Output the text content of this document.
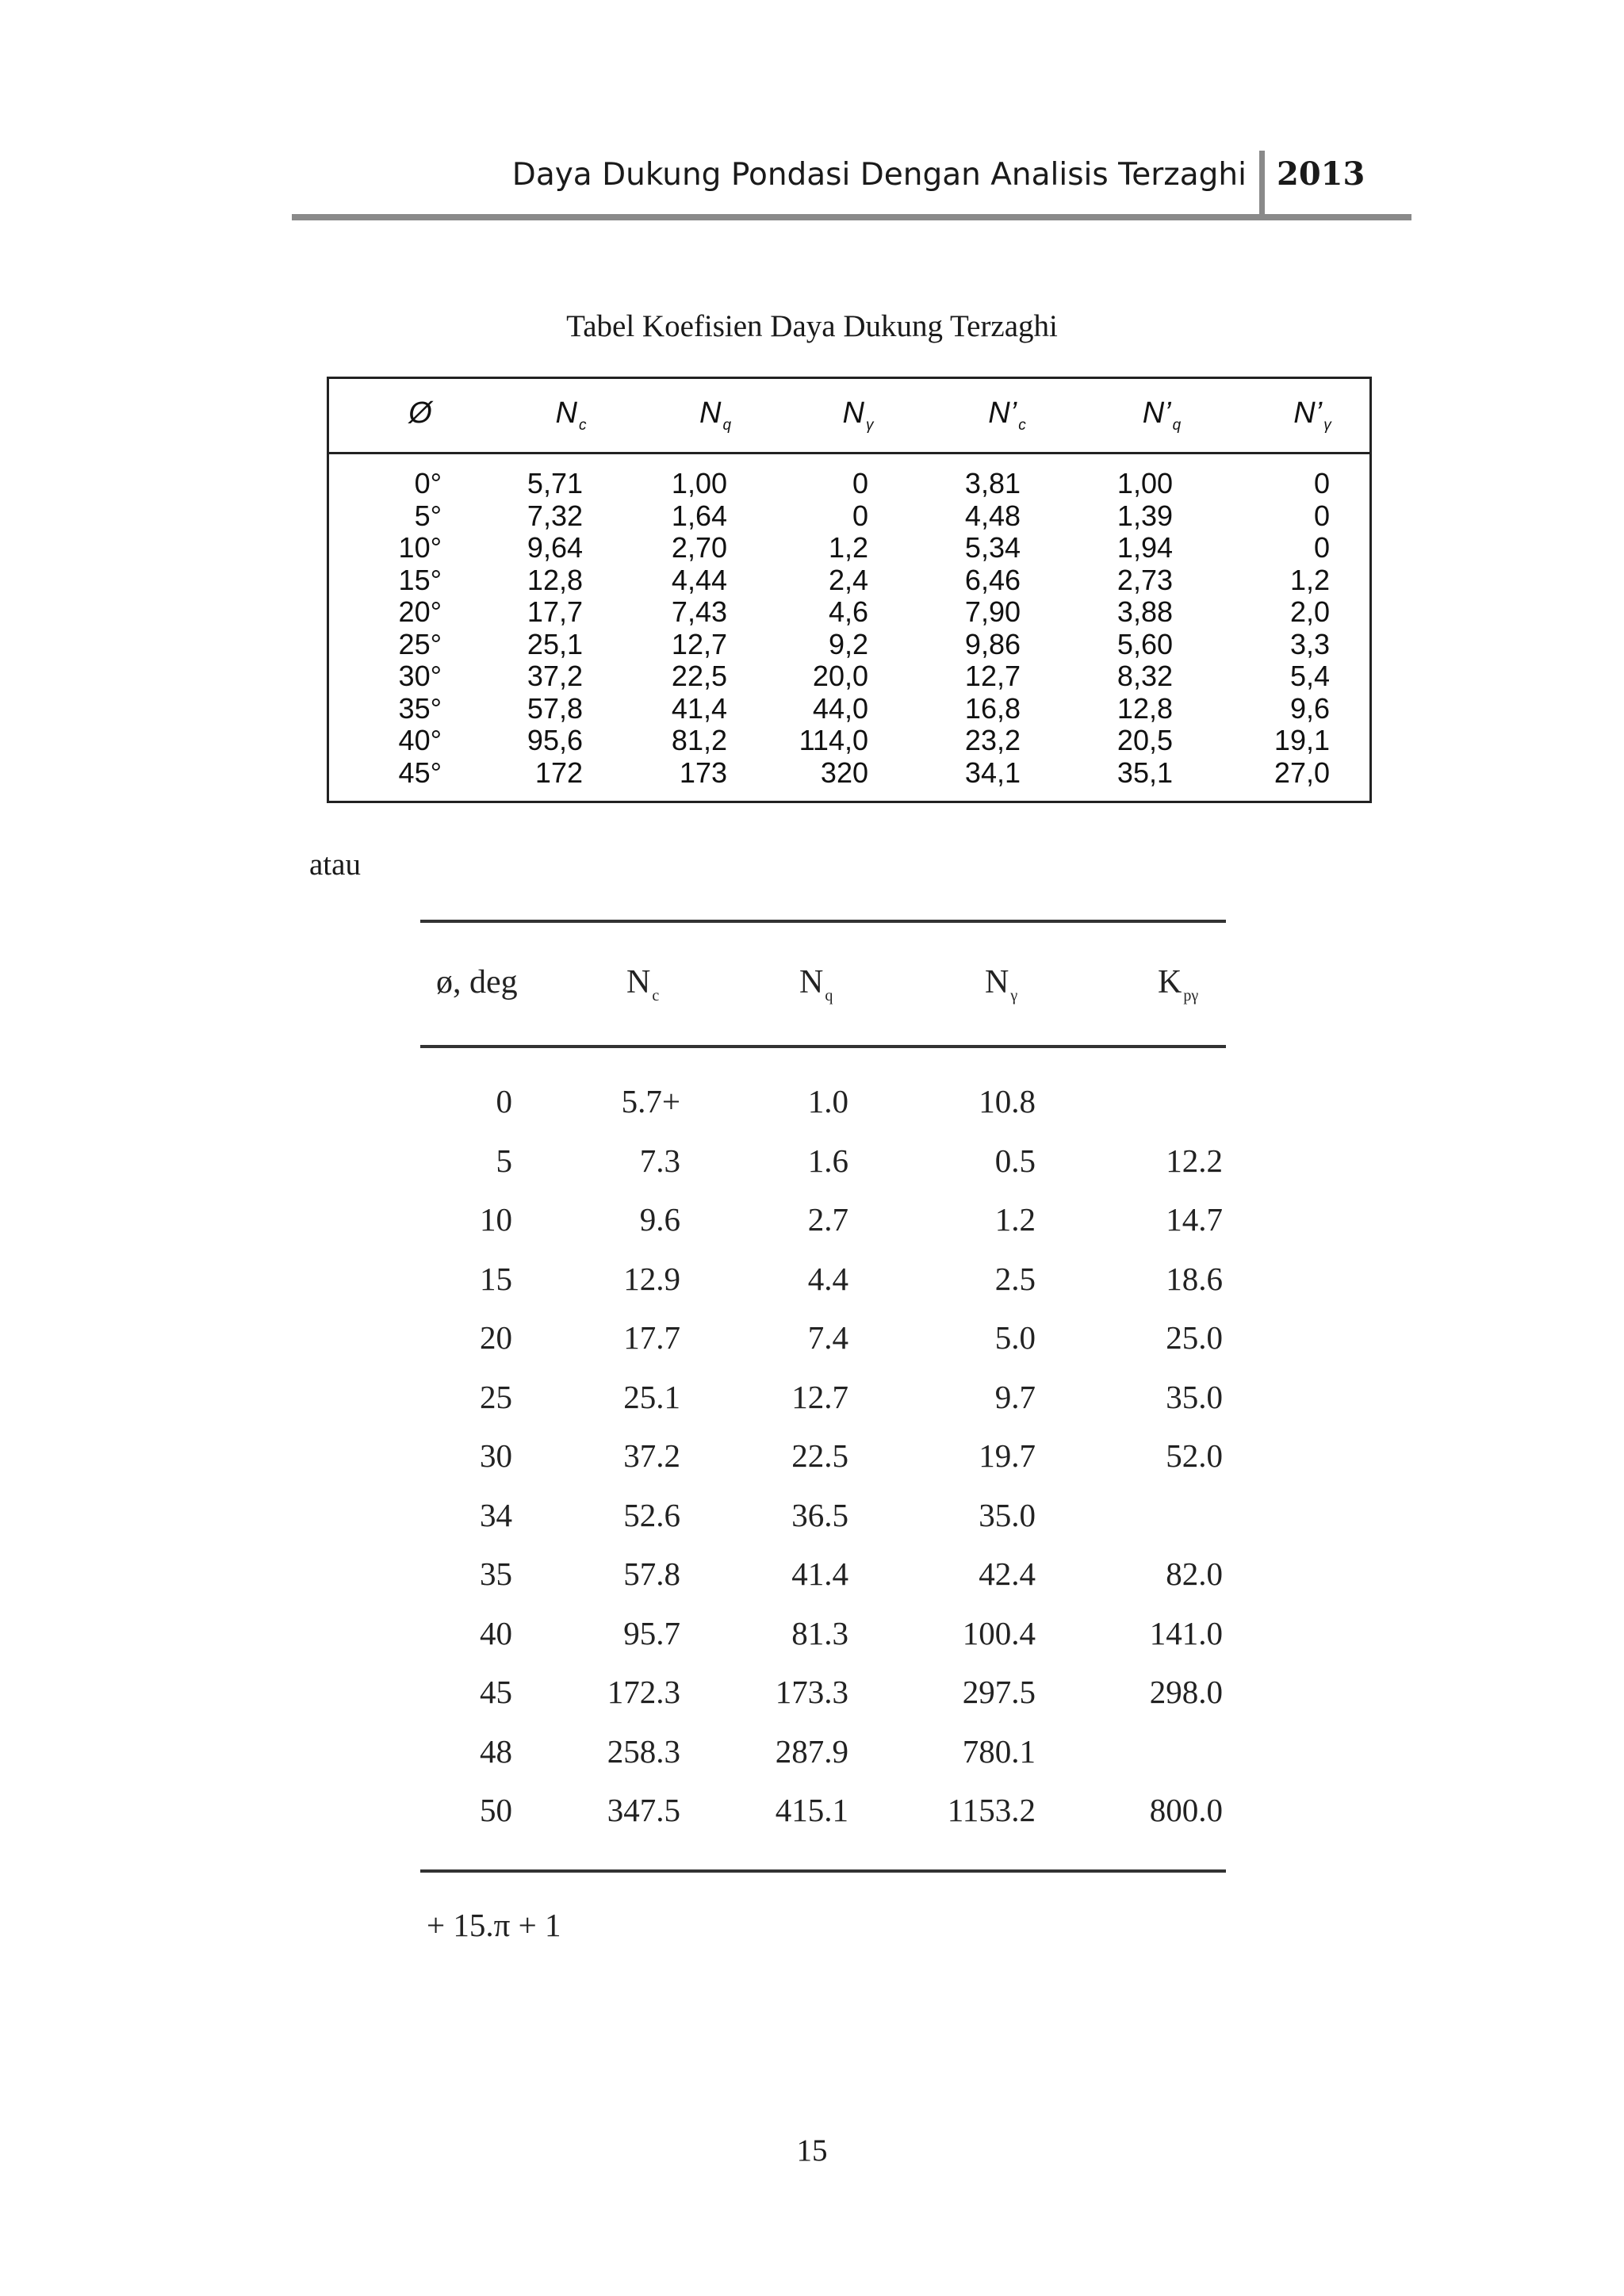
Daya Dukung Pondasi Dengan Analisis Terzaghi 2013
Tabel Koefisien Daya Dukung Terzaghi
Ø	N $_c$	N $_q$	N $_\gamma$	N’ $_c$	N’ $_q$	N’ $_\gamma$
0°	5,71	1,00	0	3,81	1,00	0
5°	7,32	1,64	0	4,48	1,39	0
10°	9,64	2,70	1,2	5,34	1,94	0
15°	12,8	4,44	2,4	6,46	2,73	1,2
20°	17,7	7,43	4,6	7,90	3,88	2,0
25°	25,1	12,7	9,2	9,86	5,60	3,3
30°	37,2	22,5	20,0	12,7	8,32	5,4
35°	57,8	41,4	44,0	16,8	12,8	9,6
40°	95,6	81,2	114,0	23,2	20,5	19,1
45°	172	173	320	34,1	35,1	27,0
atau
ø, deg	N $_c$	N $_q$	N $_\gamma$	K $_{p\gamma}$
0	5.7+	1.0	10.8
5	7.3	1.6	0.5	12.2
10	9.6	2.7	1.2	14.7
15	12.9	4.4	2.5	18.6
20	17.7	7.4	5.0	25.0
25	25.1	12.7	9.7	35.0
30	37.2	22.5	19.7	52.0
34	52.6	36.5	35.0
35	57.8	41.4	42.4	82.0
40	95.7	81.3	100.4	141.0
45	172.3	173.3	297.5	298.0
48	258.3	287.9	780.1
50	347.5	415.1	1153.2	800.0
+ 15.π + 1
15
